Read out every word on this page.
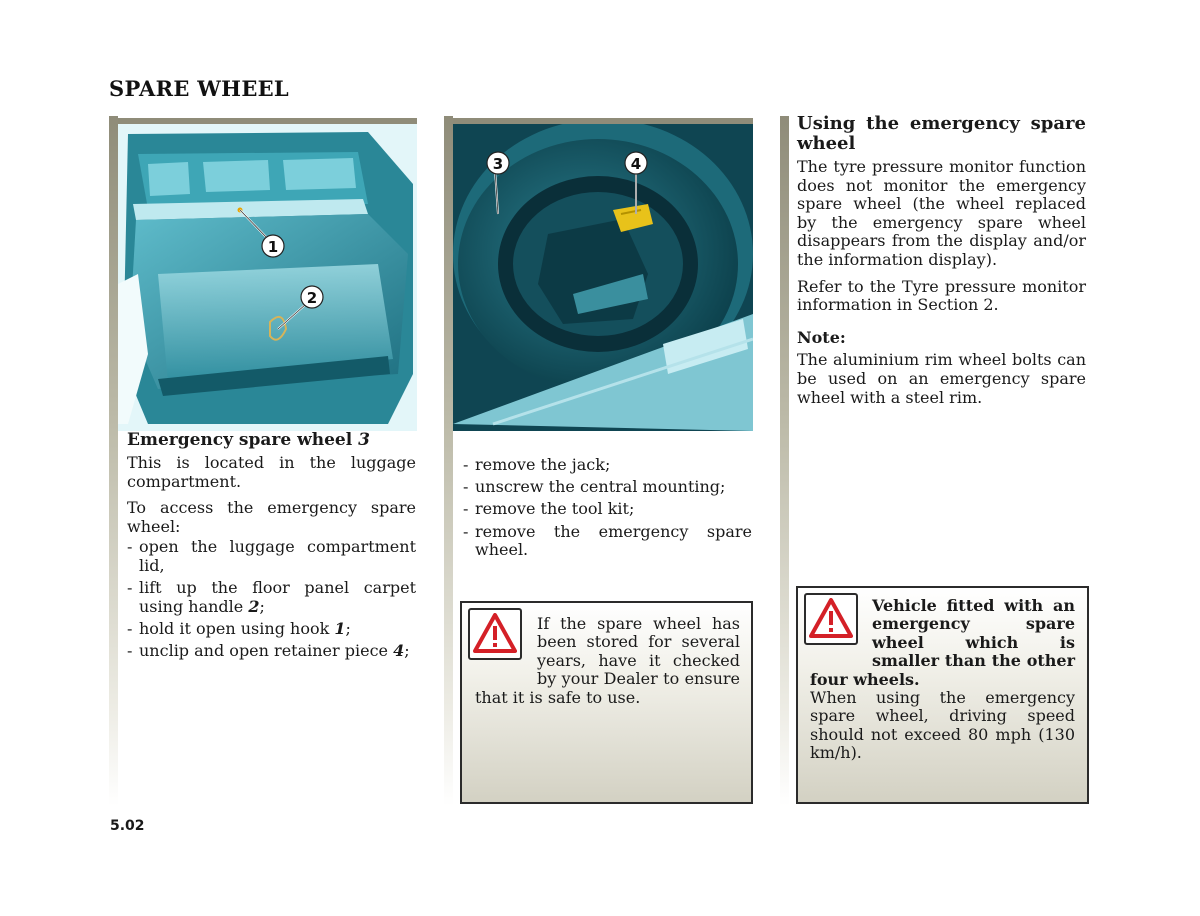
SPARE WHEEL
1
2
3	4
Emergency spare wheel 3

This is located in the luggage compartment.

To access the emergency spare wheel:

- open the luggage compartment lid,
- lift up the floor panel carpet using handle 2;
- hold it open using hook 1;
- unclip and open retainer piece 4;
- remove the jack;
- unscrew the central mounting;
- remove the tool kit;
- remove the emergency spare wheel.
If the spare wheel has been stored for several years, have it checked by your Dealer to ensure that it is safe to use.
Using the emergency spare wheel

The tyre pressure monitor function does not monitor the emergency spare wheel (the wheel replaced by the emergency spare wheel disappears from the display and/or the information display).

Refer to the Tyre pressure monitor information in Section 2.

Note:

The aluminium rim wheel bolts can be used on an emergency spare wheel with a steel rim.

Vehicle fitted with an emergency spare wheel which is smaller than the other four wheels.
When using the emergency spare wheel, driving speed should not exceed 80 mph (130 km/h).
5.02
